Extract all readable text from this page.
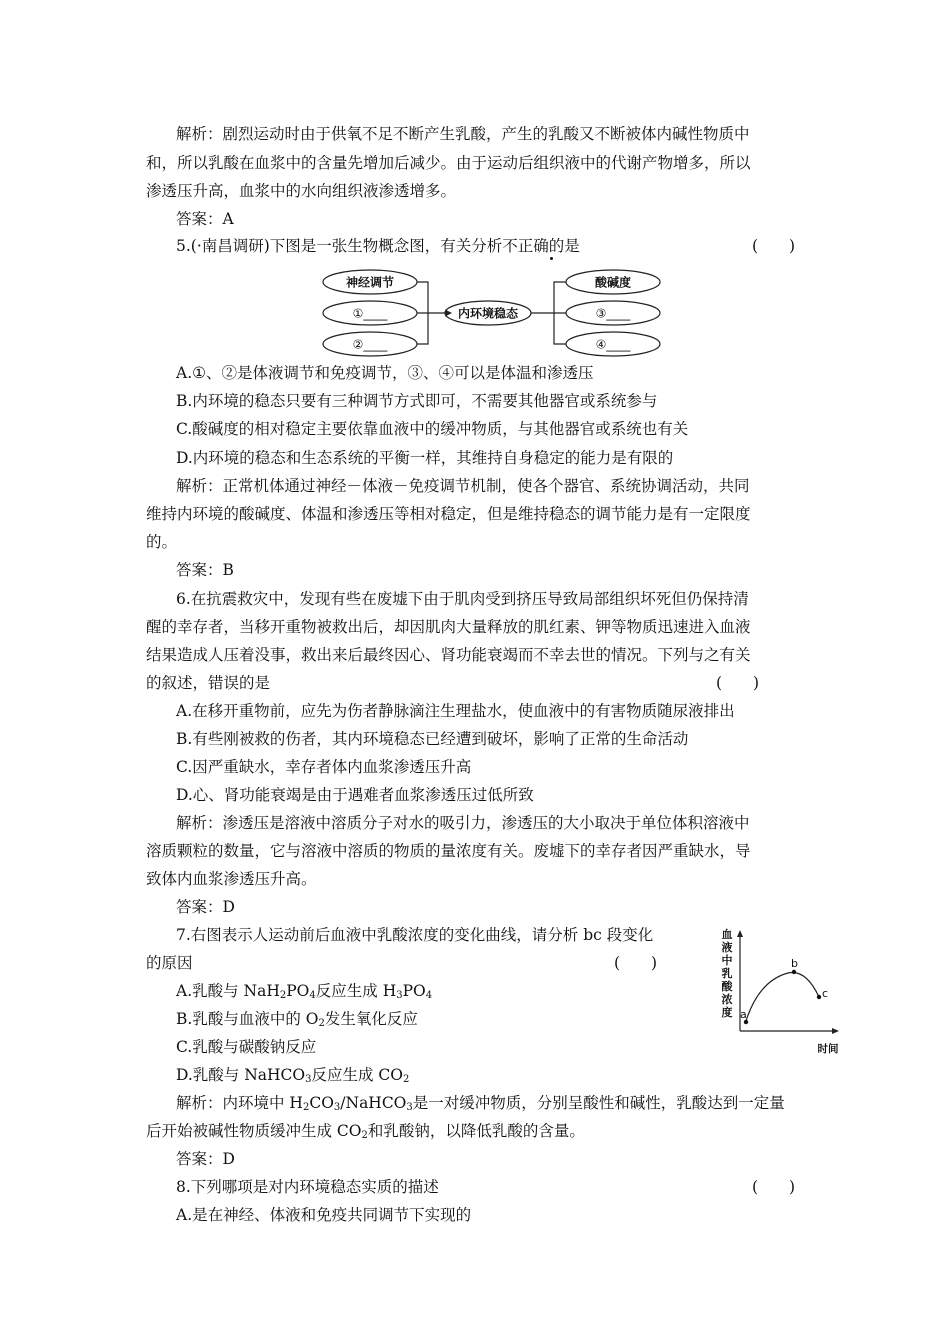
解析：剧烈运动时由于供氧不足不断产生乳酸，产生的乳酸又不断被体内碱性物质中
和，所以乳酸在血浆中的含量先增加后减少。由于运动后组织液中的代谢产物增多，所以
渗透压升高，血浆中的水向组织液渗透增多。
答案：A
5.(·南昌调研)下图是一张生物概念图，有关分析不正确的是	(　　)
神经调节
①____
②____
内环境稳态
酸碱度
③____
④____
A.①、②是体液调节和免疫调节，③、④可以是体温和渗透压
B.内环境的稳态只要有三种调节方式即可，不需要其他器官或系统参与
C.酸碱度的相对稳定主要依靠血液中的缓冲物质，与其他器官或系统也有关
D.内环境的稳态和生态系统的平衡一样，其维持自身稳定的能力是有限的
解析：正常机体通过神经－体液－免疫调节机制，使各个器官、系统协调活动，共同
维持内环境的酸碱度、体温和渗透压等相对稳定，但是维持稳态的调节能力是有一定限度
的。
答案：B
6.在抗震救灾中，发现有些在废墟下由于肌肉受到挤压导致局部组织坏死但仍保持清
醒的幸存者，当移开重物被救出后，却因肌肉大量释放的肌红素、钾等物质迅速进入血液
结果造成人压着没事，救出来后最终因心、肾功能衰竭而不幸去世的情况。下列与之有关
的叙述，错误的是	(　　)
A.在移开重物前，应先为伤者静脉滴注生理盐水，使血液中的有害物质随尿液排出
B.有些刚被救的伤者，其内环境稳态已经遭到破坏，影响了正常的生命活动
C.因严重缺水，幸存者体内血浆渗透压升高
D.心、肾功能衰竭是由于遇难者血浆渗透压过低所致
解析：渗透压是溶液中溶质分子对水的吸引力，渗透压的大小取决于单位体积溶液中
溶质颗粒的数量，它与溶液中溶质的物质的量浓度有关。废墟下的幸存者因严重缺水，导
致体内血浆渗透压升高。
答案：D
7.右图表示人运动前后血液中乳酸浓度的变化曲线，请分析 bc 段变化
的原因	(　　)
A.乳酸与 $NaH_2PO_4$反应生成 $H_3PO_4$
B.乳酸与血液中的 $O_2$发生氧化反应
C.乳酸与碳酸钠反应
D.乳酸与 NaHCO$_3$反应生成 $CO_2$
解析：内环境中 $H_2CO_3/NaHCO_3$是一对缓冲物质，分别呈酸性和碱性，乳酸达到一定量
后开始被碱性物质缓冲生成 $CO_2$和乳酸钠，以降低乳酸的含量。
答案：D
血
液
中
乳
酸
浓
度 a
b
c
时间
8.下列哪项是对内环境稳态实质的描述	(　　)
A.是在神经、体液和免疫共同调节下实现的
